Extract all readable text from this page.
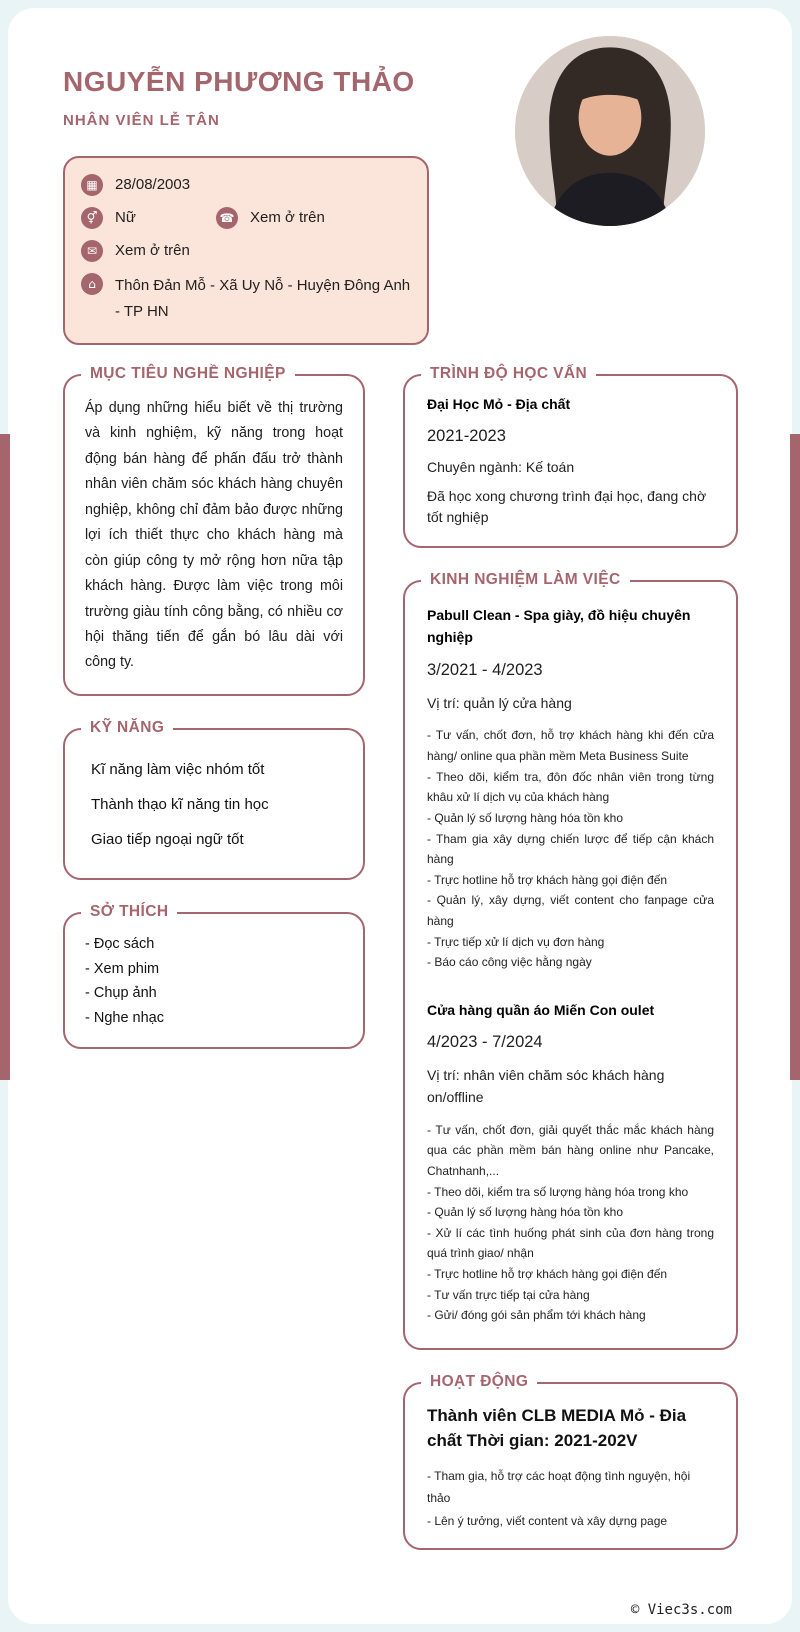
NGUYỄN PHƯƠNG THẢO
NHÂN VIÊN LỄ TÂN
▦	28/08/2003
⚥	Nữ	☎ Xem ở trên
✉	Xem ở trên
⌂	Thôn Đản Mỗ - Xã Uy Nỗ - Huyện Đông Anh - TP HN
MỤC TIÊU NGHỀ NGHIỆP

Áp dụng những hiểu biết về thị trường và kinh nghiệm, kỹ năng trong hoạt động bán hàng để phấn đấu trở thành nhân viên chăm sóc khách hàng chuyên nghiệp, không chỉ đảm bảo được những lợi ích thiết thực cho khách hàng mà còn giúp công ty mở rộng hơn nữa tập khách hàng. Được làm việc trong môi trường giàu tính công bằng, có nhiều cơ hội thăng tiến để gắn bó lâu dài với công ty.

KỸ NĂNG
Kĩ năng làm việc nhóm tốt
Thành thạo kĩ năng tin học
Giao tiếp ngoại ngữ tốt
SỞ THÍCH
- Đọc sách
- Xem phim
- Chụp ảnh
- Nghe nhạc
TRÌNH ĐỘ HỌC VẤN
Đại Học Mỏ - Địa chất
2021-2023
Chuyên ngành: Kế toán
Đã học xong chương trình đại học, đang chờ tốt nghiệp
KINH NGHIỆM LÀM VIỆC
Pabull Clean - Spa giày, đồ hiệu chuyên nghiệp
3/2021 - 4/2023
Vị trí: quản lý cửa hàng
- Tư vấn, chốt đơn, hỗ trợ khách hàng khi đến cửa hàng/ online qua phần mềm Meta Business Suite
- Theo dõi, kiểm tra, đôn đốc nhân viên trong từng khâu xử lí dịch vụ của khách hàng
- Quản lý số lượng hàng hóa tồn kho
- Tham gia xây dựng chiến lược để tiếp cận khách hàng
- Trực hotline hỗ trợ khách hàng gọi điện đến
- Quản lý, xây dựng, viết content cho fanpage cửa hàng
- Trực tiếp xử lí dịch vụ đơn hàng
- Báo cáo công việc hằng ngày
Cửa hàng quần áo Miến Con oulet
4/2023 - 7/2024
Vị trí: nhân viên chăm sóc khách hàng on/offline
- Tư vấn, chốt đơn, giải quyết thắc mắc khách hàng qua các phần mềm bán hàng online như Pancake, Chatnhanh,...
- Theo dõi, kiểm tra số lượng hàng hóa trong kho
- Quản lý số lượng hàng hóa tồn kho
- Xử lí các tình huống phát sinh của đơn hàng trong quá trình giao/ nhận
- Trực hotline hỗ trợ khách hàng gọi điện đến
- Tư vấn trực tiếp tại cửa hàng
- Gửi/ đóng gói sản phẩm tới khách hàng
HOẠT ĐỘNG
Thành viên CLB MEDIA Mỏ - Đia chất Thời gian: 2021-202V
- Tham gia, hỗ trợ các hoạt động tình nguyện, hội thảo
- Lên ý tưởng, viết content và xây dựng page
© Viec3s.com
